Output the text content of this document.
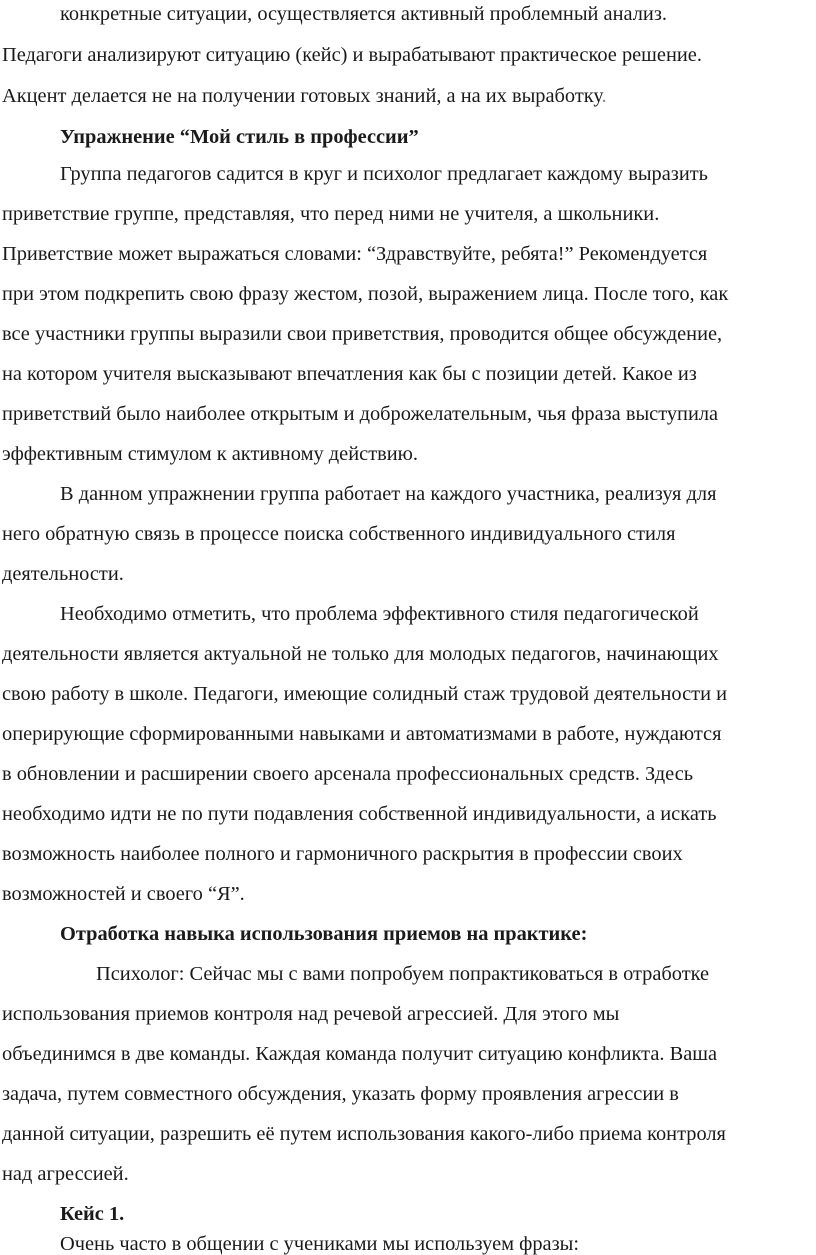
конкретные ситуации, осуществляется активный проблемный анализ.

Педагоги анализируют ситуацию (кейс) и вырабатывают практическое решение.

Акцент делается не на получении готовых знаний, а на их выработку.

Упражнение “Мой стиль в профессии”

Группа педагогов садится в круг и психолог предлагает каждому выразить

приветствие группе, представляя, что перед ними не учителя, а школьники.

Приветствие может выражаться словами: “Здравствуйте, ребята!” Рекомендуется

при этом подкрепить свою фразу жестом, позой, выражением лица. После того, как

все участники группы выразили свои приветствия, проводится общее обсуждение,

на котором учителя высказывают впечатления как бы с позиции детей. Какое из

приветствий было наиболее открытым и доброжелательным, чья фраза выступила

эффективным стимулом к активному действию.

В данном упражнении группа работает на каждого участника, реализуя для

него обратную связь в процессе поиска собственного индивидуального стиля

деятельности.

Необходимо отметить, что проблема эффективного стиля педагогической

деятельности является актуальной не только для молодых педагогов, начинающих

свою работу в школе. Педагоги, имеющие солидный стаж трудовой деятельности и

оперирующие сформированными навыками и автоматизмами в работе, нуждаются

в обновлении и расширении своего арсенала профессиональных средств. Здесь

необходимо идти не по пути подавления собственной индивидуальности, а искать

возможность наиболее полного и гармоничного раскрытия в профессии своих

возможностей и своего “Я”.

Отработка навыка использования приемов на практике:

Психолог: Сейчас мы с вами попробуем попрактиковаться в отработке

использования приемов контроля над речевой агрессией. Для этого мы

объединимся в две команды. Каждая команда получит ситуацию конфликта. Ваша

задача, путем совместного обсуждения, указать форму проявления агрессии в

данной ситуации, разрешить её путем использования какого-либо приема контроля

над агрессией.

Кейс 1.

Очень часто в общении с учениками мы используем фразы:
